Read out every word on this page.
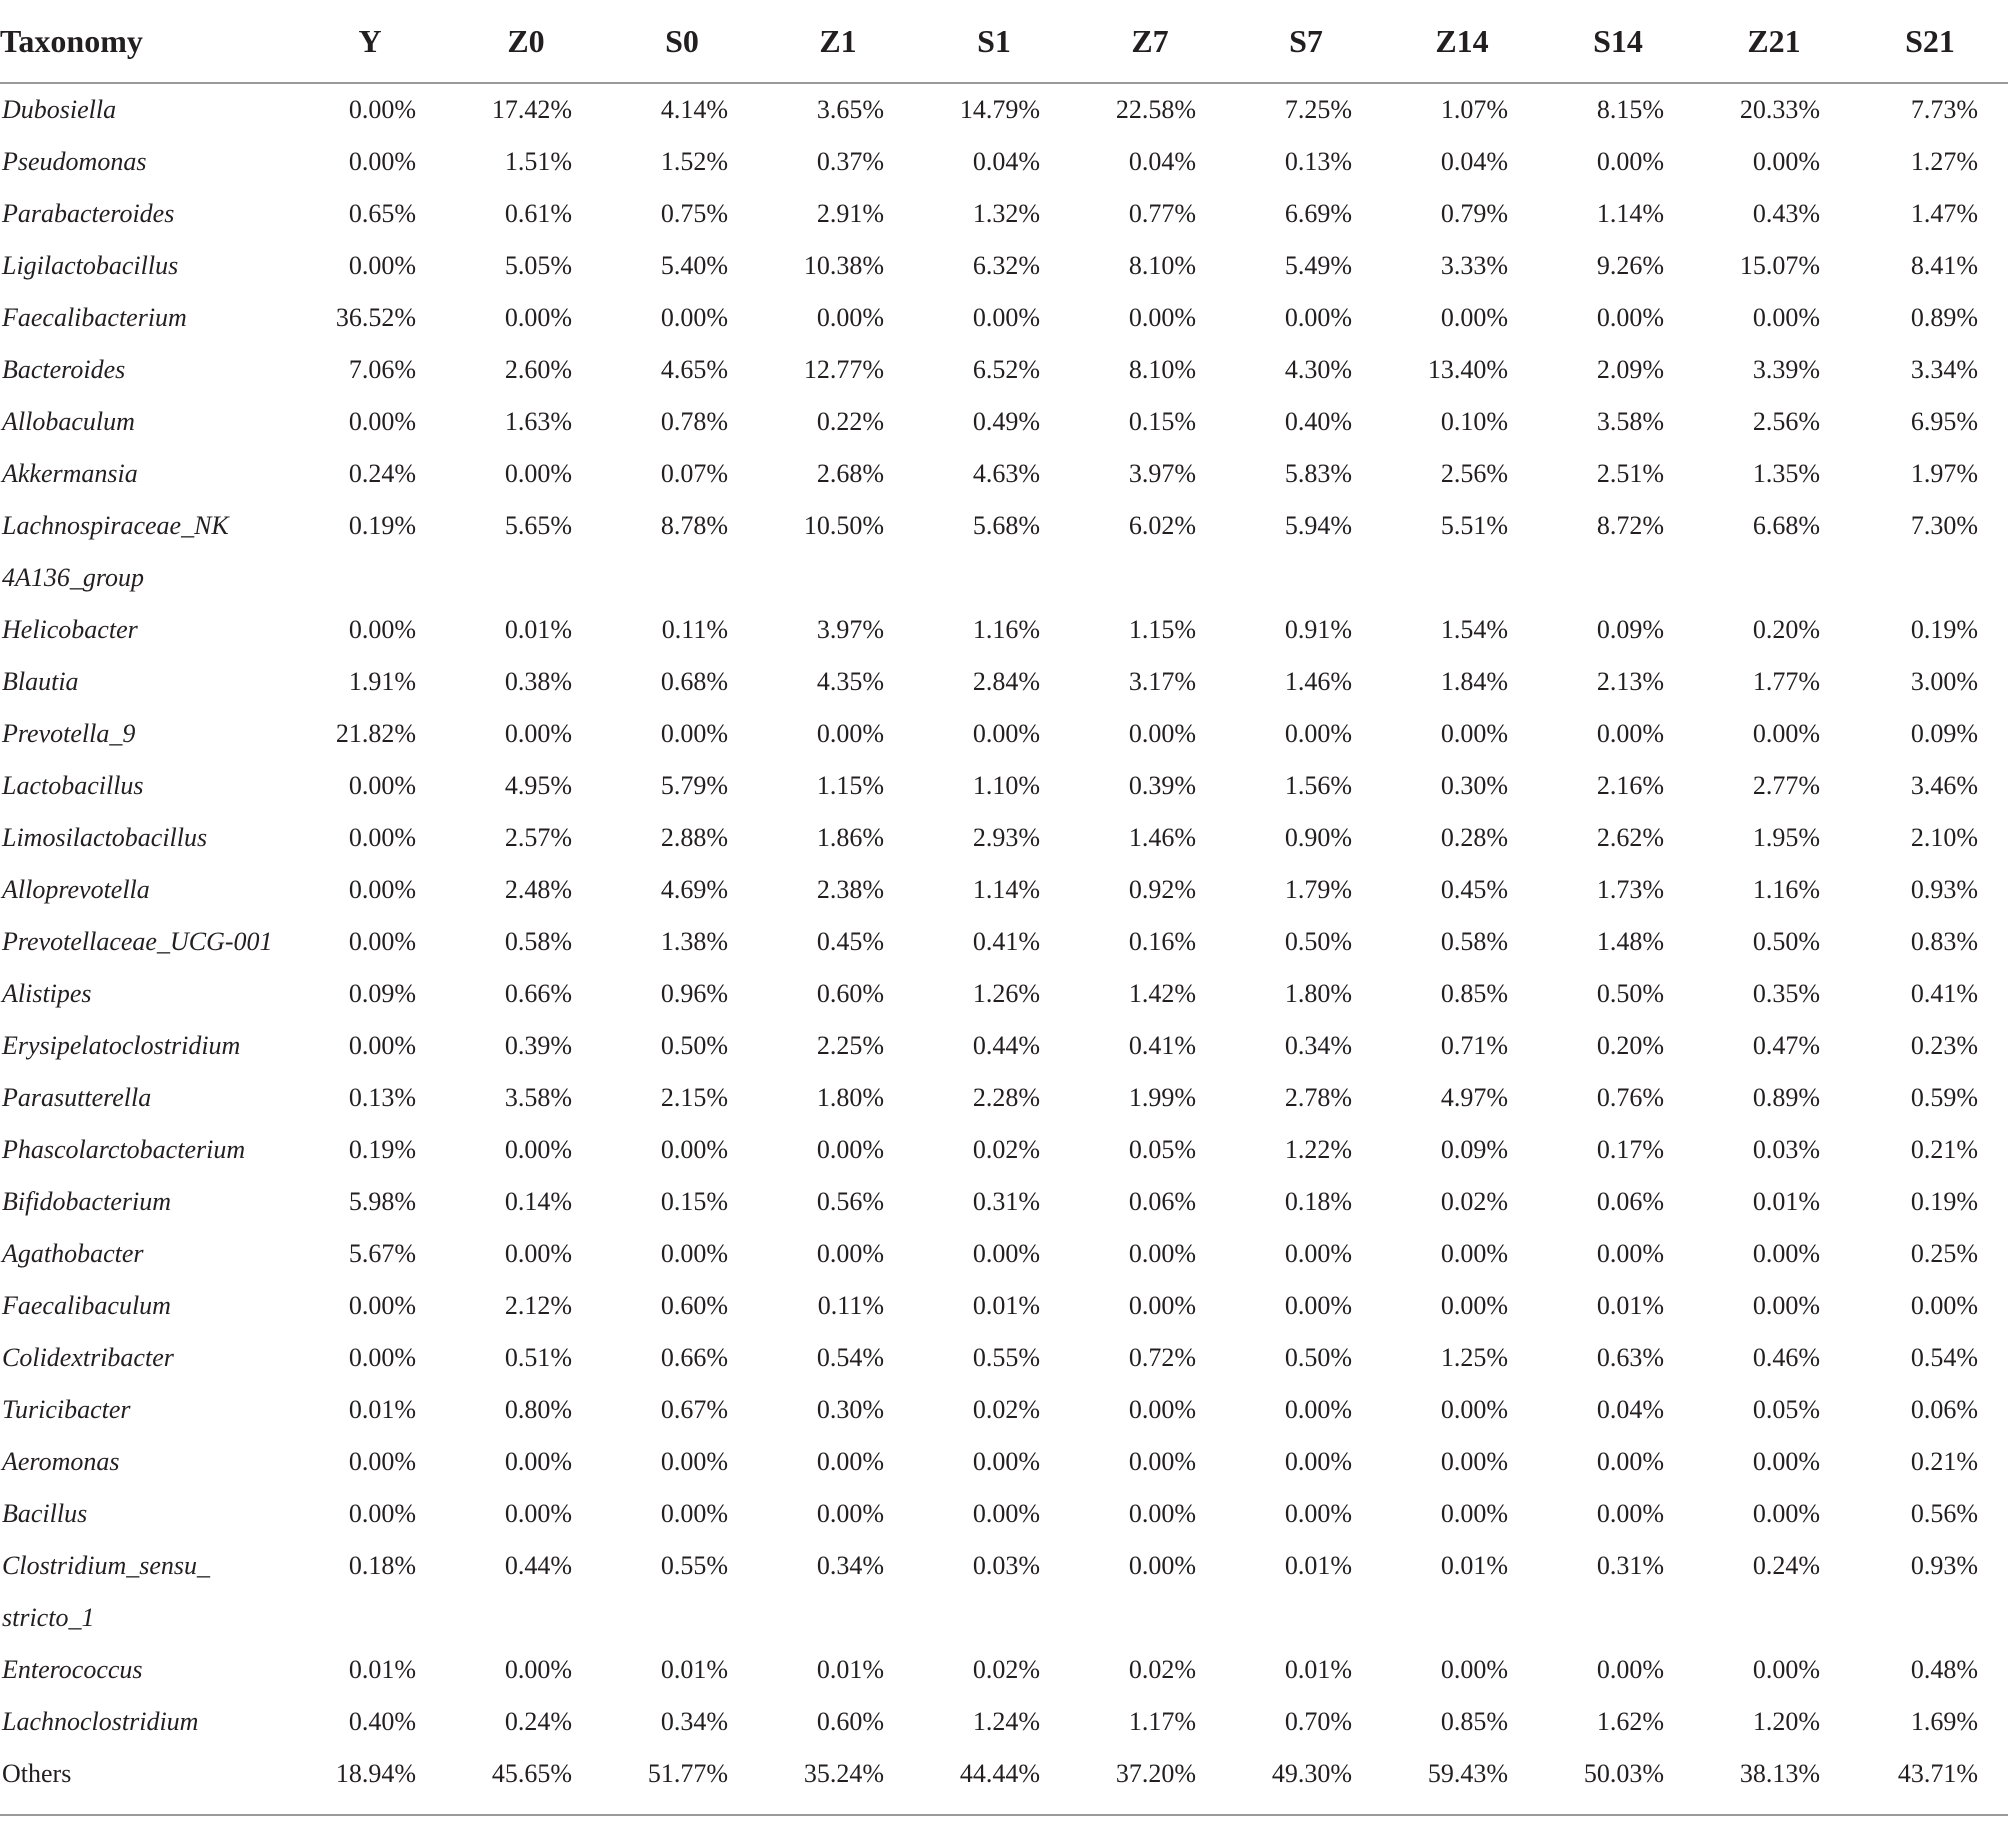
Taxonomy	Y	Z0	S0	Z1	S1	Z7	S7	Z14	S14	Z21	S21
Dubosiella	0.00%	17.42%	4.14%	3.65%	14.79%	22.58%	7.25%	1.07%	8.15%	20.33%	7.73%
Pseudomonas	0.00%	1.51%	1.52%	0.37%	0.04%	0.04%	0.13%	0.04%	0.00%	0.00%	1.27%
Parabacteroides	0.65%	0.61%	0.75%	2.91%	1.32%	0.77%	6.69%	0.79%	1.14%	0.43%	1.47%
Ligilactobacillus	0.00%	5.05%	5.40%	10.38%	6.32%	8.10%	5.49%	3.33%	9.26%	15.07%	8.41%
Faecalibacterium	36.52%	0.00%	0.00%	0.00%	0.00%	0.00%	0.00%	0.00%	0.00%	0.00%	0.89%
Bacteroides	7.06%	2.60%	4.65%	12.77%	6.52%	8.10%	4.30%	13.40%	2.09%	3.39%	3.34%
Allobaculum	0.00%	1.63%	0.78%	0.22%	0.49%	0.15%	0.40%	0.10%	3.58%	2.56%	6.95%
Akkermansia	0.24%	0.00%	0.07%	2.68%	4.63%	3.97%	5.83%	2.56%	2.51%	1.35%	1.97%
Lachnospiraceae_NK 4A136_group	0.19%	5.65%	8.78%	10.50%	5.68%	6.02%	5.94%	5.51%	8.72%	6.68%	7.30%
Helicobacter	0.00%	0.01%	0.11%	3.97%	1.16%	1.15%	0.91%	1.54%	0.09%	0.20%	0.19%
Blautia	1.91%	0.38%	0.68%	4.35%	2.84%	3.17%	1.46%	1.84%	2.13%	1.77%	3.00%
Prevotella_9	21.82%	0.00%	0.00%	0.00%	0.00%	0.00%	0.00%	0.00%	0.00%	0.00%	0.09%
Lactobacillus	0.00%	4.95%	5.79%	1.15%	1.10%	0.39%	1.56%	0.30%	2.16%	2.77%	3.46%
Limosilactobacillus	0.00%	2.57%	2.88%	1.86%	2.93%	1.46%	0.90%	0.28%	2.62%	1.95%	2.10%
Alloprevotella	0.00%	2.48%	4.69%	2.38%	1.14%	0.92%	1.79%	0.45%	1.73%	1.16%	0.93%
Prevotellaceae_UCG-001	0.00%	0.58%	1.38%	0.45%	0.41%	0.16%	0.50%	0.58%	1.48%	0.50%	0.83%
Alistipes	0.09%	0.66%	0.96%	0.60%	1.26%	1.42%	1.80%	0.85%	0.50%	0.35%	0.41%
Erysipelatoclostridium	0.00%	0.39%	0.50%	2.25%	0.44%	0.41%	0.34%	0.71%	0.20%	0.47%	0.23%
Parasutterella	0.13%	3.58%	2.15%	1.80%	2.28%	1.99%	2.78%	4.97%	0.76%	0.89%	0.59%
Phascolarctobacterium	0.19%	0.00%	0.00%	0.00%	0.02%	0.05%	1.22%	0.09%	0.17%	0.03%	0.21%
Bifidobacterium	5.98%	0.14%	0.15%	0.56%	0.31%	0.06%	0.18%	0.02%	0.06%	0.01%	0.19%
Agathobacter	5.67%	0.00%	0.00%	0.00%	0.00%	0.00%	0.00%	0.00%	0.00%	0.00%	0.25%
Faecalibaculum	0.00%	2.12%	0.60%	0.11%	0.01%	0.00%	0.00%	0.00%	0.01%	0.00%	0.00%
Colidextribacter	0.00%	0.51%	0.66%	0.54%	0.55%	0.72%	0.50%	1.25%	0.63%	0.46%	0.54%
Turicibacter	0.01%	0.80%	0.67%	0.30%	0.02%	0.00%	0.00%	0.00%	0.04%	0.05%	0.06%
Aeromonas	0.00%	0.00%	0.00%	0.00%	0.00%	0.00%	0.00%	0.00%	0.00%	0.00%	0.21%
Bacillus	0.00%	0.00%	0.00%	0.00%	0.00%	0.00%	0.00%	0.00%	0.00%	0.00%	0.56%
Clostridium_sensu_ stricto_1	0.18%	0.44%	0.55%	0.34%	0.03%	0.00%	0.01%	0.01%	0.31%	0.24%	0.93%
Enterococcus	0.01%	0.00%	0.01%	0.01%	0.02%	0.02%	0.01%	0.00%	0.00%	0.00%	0.48%
Lachnoclostridium	0.40%	0.24%	0.34%	0.60%	1.24%	1.17%	0.70%	0.85%	1.62%	1.20%	1.69%
Others	18.94%	45.65%	51.77%	35.24%	44.44%	37.20%	49.30%	59.43%	50.03%	38.13%	43.71%
